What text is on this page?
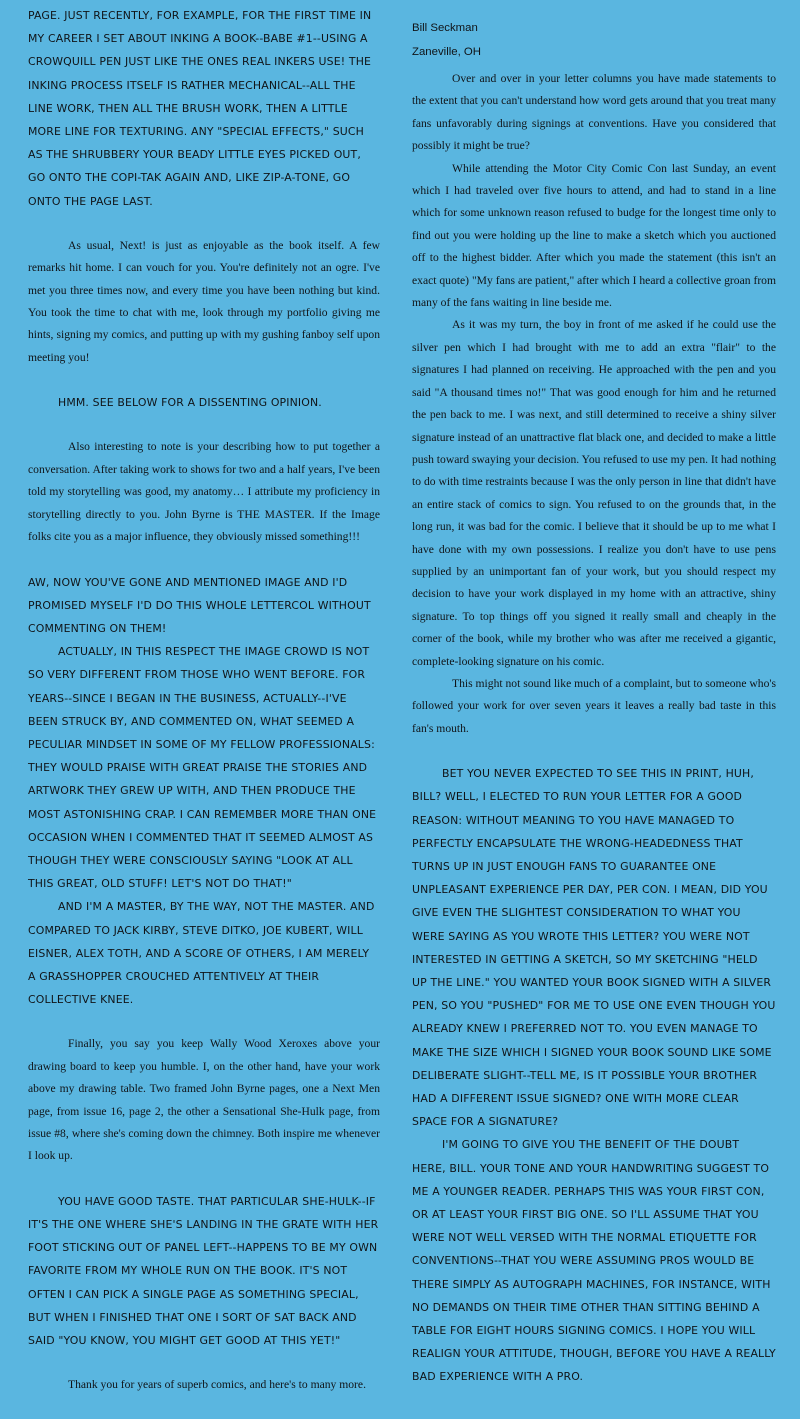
PAGE. JUST RECENTLY, FOR EXAMPLE, FOR THE FIRST TIME IN MY CAREER I SET ABOUT INKING A BOOK--BABE #1--USING A CROWQUILL PEN JUST LIKE THE ONES REAL INKERS USE! THE INKING PROCESS ITSELF IS RATHER MECHANICAL--ALL THE LINE WORK, THEN ALL THE BRUSH WORK, THEN A LITTLE MORE LINE FOR TEXTURING. ANY "SPECIAL EFFECTS," SUCH AS THE SHRUBBERY YOUR BEADY LITTLE EYES PICKED OUT, GO ONTO THE COPI-TAK AGAIN AND, LIKE ZIP-A-TONE, GO ONTO THE PAGE LAST.

As usual, Next! is just as enjoyable as the book itself. A few remarks hit home. I can vouch for you. You're definitely not an ogre. I've met you three times now, and every time you have been nothing but kind. You took the time to chat with me, look through my portfolio giving me hints, signing my comics, and putting up with my gushing fanboy self upon meeting you!

HMM. SEE BELOW FOR A DISSENTING OPINION.

Also interesting to note is your describing how to put together a conversation. After taking work to shows for two and a half years, I've been told my storytelling was good, my anatomy… I attribute my proficiency in storytelling directly to you. John Byrne is THE MASTER. If the Image folks cite you as a major influence, they obviously missed something!!!

AW, NOW YOU'VE GONE AND MENTIONED IMAGE AND I'D PROMISED MYSELF I'D DO THIS WHOLE LETTERCOL WITHOUT COMMENTING ON THEM!

ACTUALLY, IN THIS RESPECT THE IMAGE CROWD IS NOT SO VERY DIFFERENT FROM THOSE WHO WENT BEFORE. FOR YEARS--SINCE I BEGAN IN THE BUSINESS, ACTUALLY--I'VE BEEN STRUCK BY, AND COMMENTED ON, WHAT SEEMED A PECULIAR MINDSET IN SOME OF MY FELLOW PROFESSIONALS: THEY WOULD PRAISE WITH GREAT PRAISE THE STORIES AND ARTWORK THEY GREW UP WITH, AND THEN PRODUCE THE MOST ASTONISHING CRAP. I CAN REMEMBER MORE THAN ONE OCCASION WHEN I COMMENTED THAT IT SEEMED ALMOST AS THOUGH THEY WERE CONSCIOUSLY SAYING "LOOK AT ALL THIS GREAT, OLD STUFF! LET'S NOT DO THAT!"

AND I'M A MASTER, BY THE WAY, NOT THE MASTER. AND COMPARED TO JACK KIRBY, STEVE DITKO, JOE KUBERT, WILL EISNER, ALEX TOTH, AND A SCORE OF OTHERS, I AM MERELY A GRASSHOPPER CROUCHED ATTENTIVELY AT THEIR COLLECTIVE KNEE.

Finally, you say you keep Wally Wood Xeroxes above your drawing board to keep you humble. I, on the other hand, have your work above my drawing table. Two framed John Byrne pages, one a Next Men page, from issue 16, page 2, the other a Sensational She-Hulk page, from issue #8, where she's coming down the chimney. Both inspire me whenever I look up.

YOU HAVE GOOD TASTE. THAT PARTICULAR SHE-HULK--IF IT'S THE ONE WHERE SHE'S LANDING IN THE GRATE WITH HER FOOT STICKING OUT OF PANEL LEFT--HAPPENS TO BE MY OWN FAVORITE FROM MY WHOLE RUN ON THE BOOK. IT'S NOT OFTEN I CAN PICK A SINGLE PAGE AS SOMETHING SPECIAL, BUT WHEN I FINISHED THAT ONE I SORT OF SAT BACK AND SAID "YOU KNOW, YOU MIGHT GET GOOD AT THIS YET!"

Thank you for years of superb comics, and here's to many more.

Bill Seckman

Zaneville, OH

Over and over in your letter columns you have made statements to the extent that you can't understand how word gets around that you treat many fans unfavorably during signings at conventions. Have you considered that possibly it might be true?

While attending the Motor City Comic Con last Sunday, an event which I had traveled over five hours to attend, and had to stand in a line which for some unknown reason refused to budge for the longest time only to find out you were holding up the line to make a sketch which you auctioned off to the highest bidder. After which you made the statement (this isn't an exact quote) "My fans are patient," after which I heard a collective groan from many of the fans waiting in line beside me.

As it was my turn, the boy in front of me asked if he could use the silver pen which I had brought with me to add an extra "flair" to the signatures I had planned on receiving. He approached with the pen and you said "A thousand times no!" That was good enough for him and he returned the pen back to me. I was next, and still determined to receive a shiny silver signature instead of an unattractive flat black one, and decided to make a little push toward swaying your decision. You refused to use my pen. It had nothing to do with time restraints because I was the only person in line that didn't have an entire stack of comics to sign. You refused to on the grounds that, in the long run, it was bad for the comic. I believe that it should be up to me what I have done with my own possessions. I realize you don't have to use pens supplied by an unimportant fan of your work, but you should respect my decision to have your work displayed in my home with an attractive, shiny signature. To top things off you signed it really small and cheaply in the corner of the book, while my brother who was after me received a gigantic, complete-looking signature on his comic.

This might not sound like much of a complaint, but to someone who's followed your work for over seven years it leaves a really bad taste in this fan's mouth.

BET YOU NEVER EXPECTED TO SEE THIS IN PRINT, HUH, BILL? WELL, I ELECTED TO RUN YOUR LETTER FOR A GOOD REASON: WITHOUT MEANING TO YOU HAVE MANAGED TO PERFECTLY ENCAPSULATE THE WRONG-HEADEDNESS THAT TURNS UP IN JUST ENOUGH FANS TO GUARANTEE ONE UNPLEASANT EXPERIENCE PER DAY, PER CON. I MEAN, DID YOU GIVE EVEN THE SLIGHTEST CONSIDERATION TO WHAT YOU WERE SAYING AS YOU WROTE THIS LETTER? YOU WERE NOT INTERESTED IN GETTING A SKETCH, SO MY SKETCHING "HELD UP THE LINE." YOU WANTED YOUR BOOK SIGNED WITH A SILVER PEN, SO YOU "PUSHED" FOR ME TO USE ONE EVEN THOUGH YOU ALREADY KNEW I PREFERRED NOT TO. YOU EVEN MANAGE TO MAKE THE SIZE WHICH I SIGNED YOUR BOOK SOUND LIKE SOME DELIBERATE SLIGHT--TELL ME, IS IT POSSIBLE YOUR BROTHER HAD A DIFFERENT ISSUE SIGNED? ONE WITH MORE CLEAR SPACE FOR A SIGNATURE?

I'M GOING TO GIVE YOU THE BENEFIT OF THE DOUBT HERE, BILL. YOUR TONE AND YOUR HANDWRITING SUGGEST TO ME A YOUNGER READER. PERHAPS THIS WAS YOUR FIRST CON, OR AT LEAST YOUR FIRST BIG ONE. SO I'LL ASSUME THAT YOU WERE NOT WELL VERSED WITH THE NORMAL ETIQUETTE FOR CONVENTIONS--THAT YOU WERE ASSUMING PROS WOULD BE THERE SIMPLY AS AUTOGRAPH MACHINES, FOR INSTANCE, WITH NO DEMANDS ON THEIR TIME OTHER THAN SITTING BEHIND A TABLE FOR EIGHT HOURS SIGNING COMICS. I HOPE YOU WILL REALIGN YOUR ATTITUDE, THOUGH, BEFORE YOU HAVE A REALLY BAD EXPERIENCE WITH A PRO.
